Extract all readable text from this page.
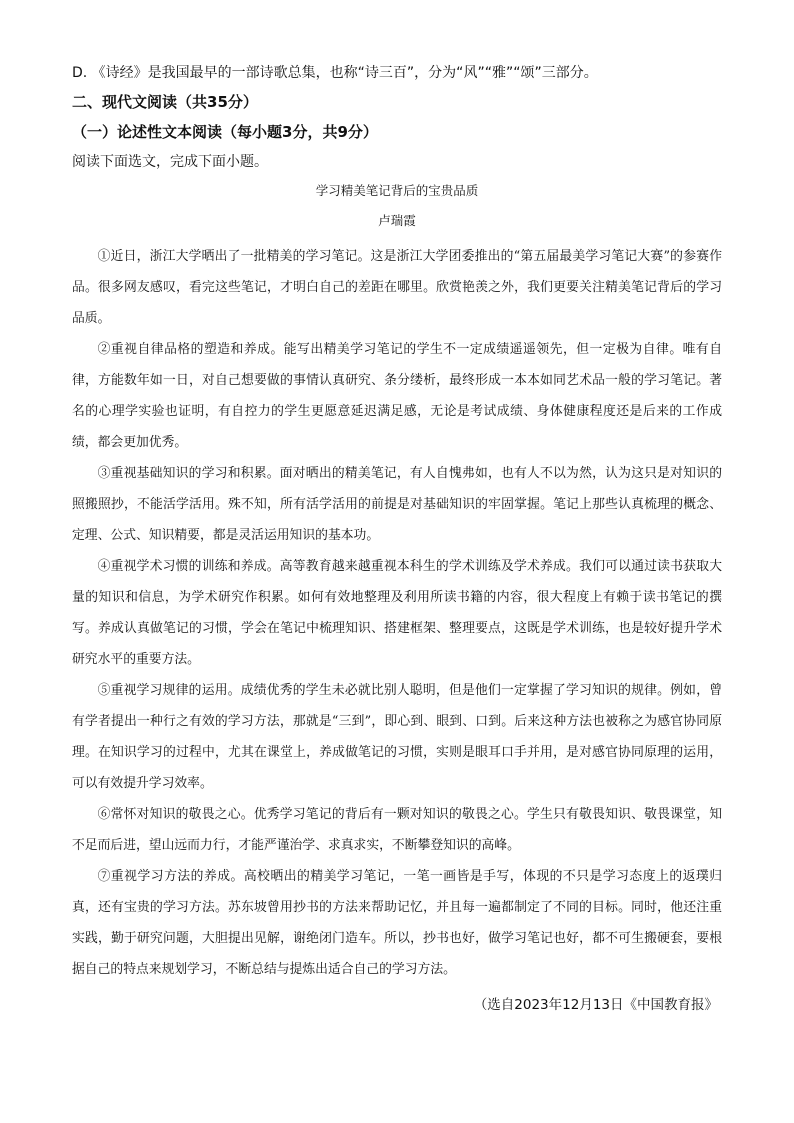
D. 《诗经》是我国最早的一部诗歌总集，也称“诗三百”，分为“风”“雅”“颂”三部分。
二、现代文阅读（共35分）
（一）论述性文本阅读（每小题3分，共9分）
阅读下面选文，完成下面小题。
学习精美笔记背后的宝贵品质
卢瑞霞

①近日，浙江大学晒出了一批精美的学习笔记。这是浙江大学团委推出的“第五届最美学习笔记大赛”的参赛作品。很多网友感叹，看完这些笔记，才明白自己的差距在哪里。欣赏艳羡之外，我们更要关注精美笔记背后的学习品质。

②重视自律品格的塑造和养成。能写出精美学习笔记的学生不一定成绩遥遥领先，但一定极为自律。唯有自律，方能数年如一日，对自己想要做的事情认真研究、条分缕析，最终形成一本本如同艺术品一般的学习笔记。著名的心理学实验也证明，有自控力的学生更愿意延迟满足感，无论是考试成绩、身体健康程度还是后来的工作成绩，都会更加优秀。

③重视基础知识的学习和积累。面对晒出的精美笔记，有人自愧弗如，也有人不以为然，认为这只是对知识的照搬照抄，不能活学活用。殊不知，所有活学活用的前提是对基础知识的牢固掌握。笔记上那些认真梳理的概念、定理、公式、知识精要，都是灵活运用知识的基本功。

④重视学术习惯的训练和养成。高等教育越来越重视本科生的学术训练及学术养成。我们可以通过读书获取大量的知识和信息，为学术研究作积累。如何有效地整理及利用所读书籍的内容，很大程度上有赖于读书笔记的撰写。养成认真做笔记的习惯，学会在笔记中梳理知识、搭建框架、整理要点，这既是学术训练，也是较好提升学术研究水平的重要方法。

⑤重视学习规律的运用。成绩优秀的学生未必就比别人聪明，但是他们一定掌握了学习知识的规律。例如，曾有学者提出一种行之有效的学习方法，那就是“三到”，即心到、眼到、口到。后来这种方法也被称之为感官协同原理。在知识学习的过程中，尤其在课堂上，养成做笔记的习惯，实则是眼耳口手并用，是对感官协同原理的运用，可以有效提升学习效率。

⑥常怀对知识的敬畏之心。优秀学习笔记的背后有一颗对知识的敬畏之心。学生只有敬畏知识、敬畏课堂，知不足而后进，望山远而力行，才能严谨治学、求真求实，不断攀登知识的高峰。

⑦重视学习方法的养成。高校晒出的精美学习笔记，一笔一画皆是手写，体现的不只是学习态度上的返璞归真，还有宝贵的学习方法。苏东坡曾用抄书的方法来帮助记忆，并且每一遍都制定了不同的目标。同时，他还注重实践，勤于研究问题，大胆提出见解，谢绝闭门造车。所以，抄书也好，做学习笔记也好，都不可生搬硬套，要根据自己的特点来规划学习，不断总结与提炼出适合自己的学习方法。

（选自2023年12月13日《中国教育报》
